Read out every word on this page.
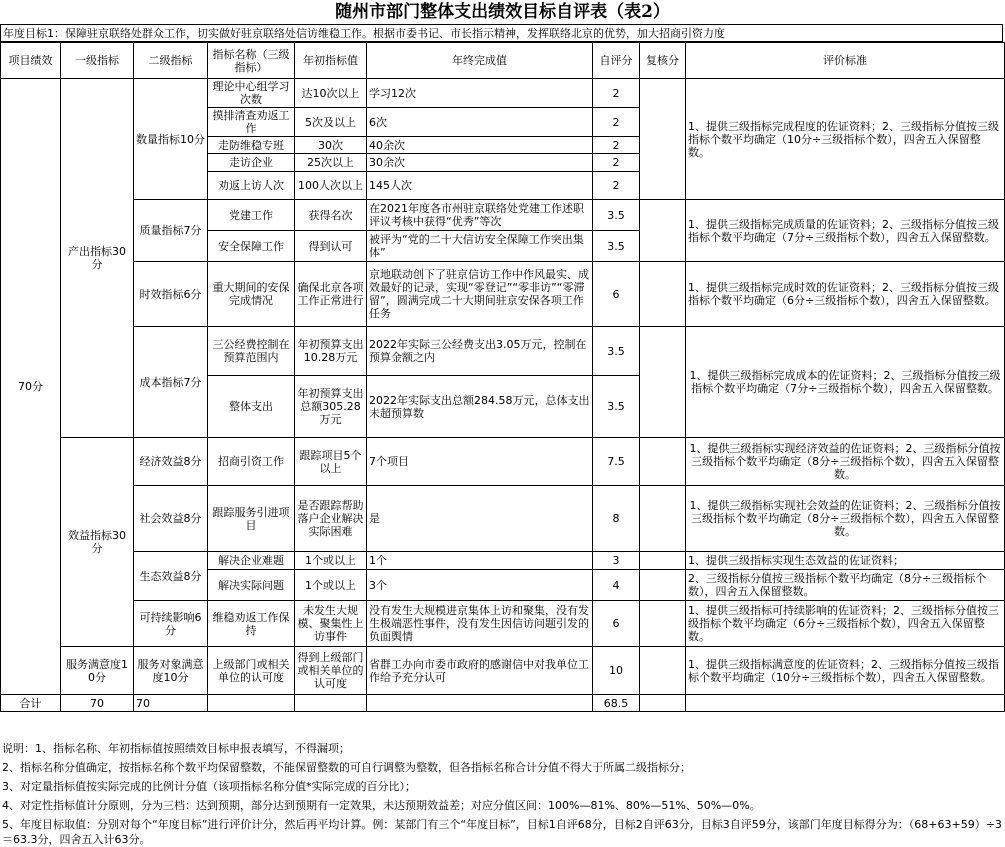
随州市部门整体支出绩效目标自评表（表2）
年度目标1：保障驻京联络处群众工作，切实做好驻京联络处信访维稳工作。根据市委书记、市长指示精神，发挥联络北京的优势，加大招商引资力度
项目绩效	一级指标	二级指标	指标名称（三级指标）	年初指标值	年终完成值	自评分	复核分	评价标准
70分	产出指标30分	数量指标10分	理论中心组学习次数	达10次以上	学习12次	2		1、提供三级指标完成程度的佐证资料；2、三级指标分值按三级指标个数平均确定（10分÷三级指标个数），四舍五入保留整数。
			摸排清查劝返工作	5次及以上	6次	2		
			走防维稳专班	30次	40余次	2		
			走访企业	25次以上	30余次	2		
			劝返上访人次	100人次以上	145人次	2		
		质量指标7分	党建工作	获得名次	在2021年度各市州驻京联络处党建工作述职评议考核中获得“优秀”等次	3.5		1、提供三级指标完成质量的佐证资料；2、三级指标分值按三级指标个数平均确定（7分÷三级指标个数），四舍五入保留整数。
			安全保障工作	得到认可	被评为“党的二十大信访安全保障工作突出集体”	3.5		
		时效指标6分	重大期间的安保完成情况	确保北京各项工作正常进行	京地联动创下了驻京信访工作中作风最实、成效最好的记录，实现“零登记”“零非访”“零滞留”，圆满完成二十大期间驻京安保各项工作任务	6		1、提供三级指标完成时效的佐证资料；2、三级指标分值按三级指标个数平均确定（6分÷三级指标个数），四舍五入保留整数。
		成本指标7分	三公经费控制在预算范围内	年初预算支出10.28万元	2022年实际三公经费支出3.05万元，控制在预算金额之内	3.5		1、提供三级指标完成成本的佐证资料；2、三级指标分值按三级指标个数平均确定（7分÷三级指标个数），四舍五入保留整数。
			整体支出	年初预算支出总额305.28万元	2022年实际支出总额284.58万元，总体支出未超预算数	3.5		
	效益指标30分	经济效益8分	招商引资工作	跟踪项目5个以上	7个项目	7.5		1、提供三级指标实现经济效益的佐证资料；2、三级指标分值按三级指标个数平均确定（8分÷三级指标个数），四舍五入保留整数。
		社会效益8分	跟踪服务引进项目	是否跟踪帮助落户企业解决实际困难	是	8		1、提供三级指标实现社会效益的佐证资料；2、三级指标分值按三级指标个数平均确定（8分÷三级指标个数），四舍五入保留整数。
		生态效益8分	解决企业难题	1个或以上	1个	3		1、提供三级指标实现生态效益的佐证资料；
			解决实际问题	1个或以上	3个	4		2、三级指标分值按三级指标个数平均确定（8分÷三级指标个数），四舍五入保留整数。
		可持续影响6分	维稳劝返工作保持	未发生大规模、聚集性上访事件	没有发生大规模进京集体上访和聚集，没有发生极端恶性事件，没有发生因信访问题引发的负面舆情	6		1、提供三级指标可持续影响的佐证资料；2、三级指标分值按三级指标个数平均确定（6分÷三级指标个数），四舍五入保留整数。
	服务满意度10分	服务对象满意度10分	上级部门或相关单位的认可度	得到上级部门或相关单位的认可度	省群工办向市委市政府的感谢信中对我单位工作给予充分认可	10		1、提供三级指标满意度的佐证资料；2、三级指标分值按三级指标个数平均确定（10分÷三级指标个数），四舍五入保留整数。
合计	70	70				68.5		
说明：1、指标名称、年初指标值按照绩效目标申报表填写，不得漏项；
2、指标名称分值确定，按指标名称个数平均保留整数，不能保留整数的可自行调整为整数，但各指标名称合计分值不得大于所属二级指标分；
3、对定量指标值按实际完成的比例计分值（该项指标名称分值*实际完成的百分比）；
4、对定性指标值计分原则，分为三档：达到预期，部分达到预期有一定效果，未达预期效益差；对应分值区间：100%—81%、80%—51%、50%—0%。
5、年度目标取值：分别对每个“年度目标”进行评价计分，然后再平均计算。例：某部门有三个“年度目标”，目标1自评68分，目标2自评63分，目标3自评59分，该部门年度目标得分为：（68+63+59）÷3＝63.3分，四舍五入计63分。
